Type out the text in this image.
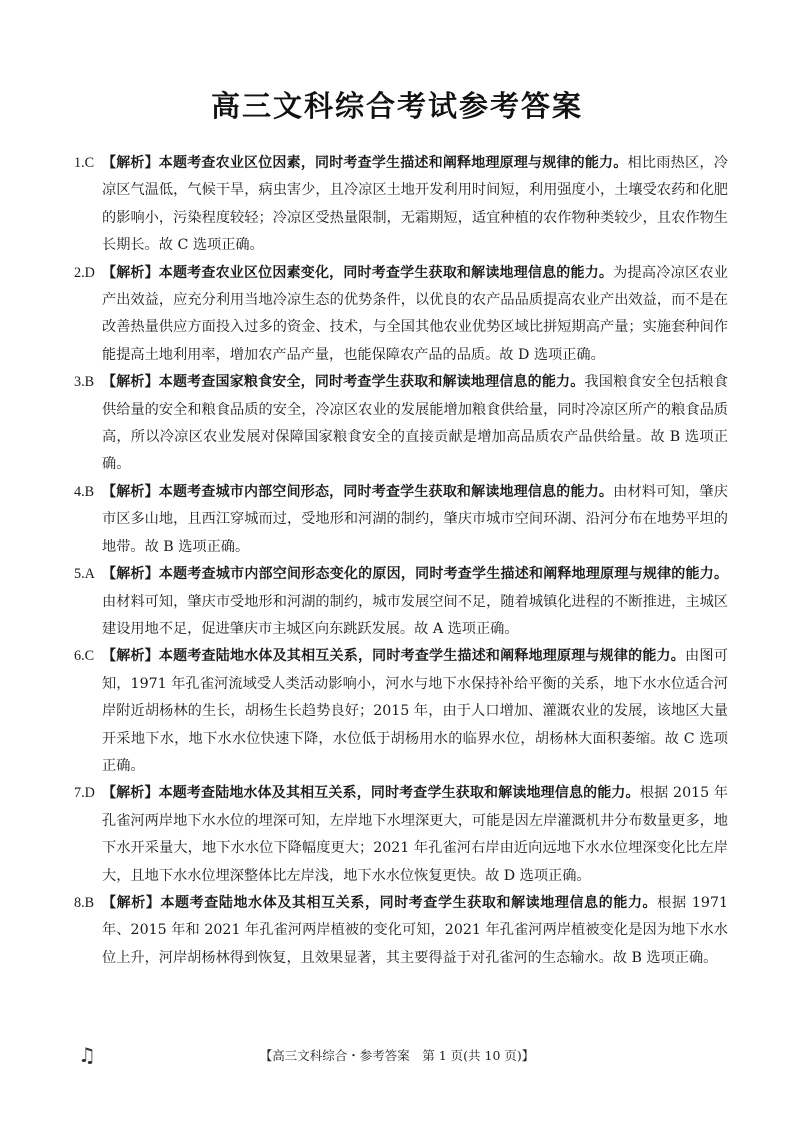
高三文科综合考试参考答案

1.C 【解析】本题考查农业区位因素，同时考查学生描述和阐释地理原理与规律的能力。相比雨热区，冷凉区气温低，气候干旱，病虫害少，且冷凉区土地开发利用时间短，利用强度小，土壤受农药和化肥的影响小，污染程度较轻；冷凉区受热量限制，无霜期短，适宜种植的农作物种类较少，且农作物生长期长。故 C 选项正确。

2.D 【解析】本题考查农业区位因素变化，同时考查学生获取和解读地理信息的能力。为提高冷凉区农业产出效益，应充分利用当地冷凉生态的优势条件，以优良的农产品品质提高农业产出效益，而不是在改善热量供应方面投入过多的资金、技术，与全国其他农业优势区域比拼短期高产量；实施套种间作能提高土地利用率，增加农产品产量，也能保障农产品的品质。故 D 选项正确。

3.B 【解析】本题考查国家粮食安全，同时考查学生获取和解读地理信息的能力。我国粮食安全包括粮食供给量的安全和粮食品质的安全，冷凉区农业的发展能增加粮食供给量，同时冷凉区所产的粮食品质高，所以冷凉区农业发展对保障国家粮食安全的直接贡献是增加高品质农产品供给量。故 B 选项正确。

4.B 【解析】本题考查城市内部空间形态，同时考查学生获取和解读地理信息的能力。由材料可知，肇庆市区多山地，且西江穿城而过，受地形和河湖的制约，肇庆市城市空间环湖、沿河分布在地势平坦的地带。故 B 选项正确。

5.A 【解析】本题考查城市内部空间形态变化的原因，同时考查学生描述和阐释地理原理与规律的能力。由材料可知，肇庆市受地形和河湖的制约，城市发展空间不足，随着城镇化进程的不断推进，主城区建设用地不足，促进肇庆市主城区向东跳跃发展。故 A 选项正确。

6.C 【解析】本题考查陆地水体及其相互关系，同时考查学生描述和阐释地理原理与规律的能力。由图可知，1971 年孔雀河流域受人类活动影响小，河水与地下水保持补给平衡的关系，地下水水位适合河岸附近胡杨林的生长，胡杨生长趋势良好；2015 年，由于人口增加、灌溉农业的发展，该地区大量开采地下水，地下水水位快速下降，水位低于胡杨用水的临界水位，胡杨林大面积萎缩。故 C 选项正确。

7.D 【解析】本题考查陆地水体及其相互关系，同时考查学生获取和解读地理信息的能力。根据 2015 年孔雀河两岸地下水水位的埋深可知，左岸地下水埋深更大，可能是因左岸灌溉机井分布数量更多，地下水开采量大，地下水水位下降幅度更大；2021 年孔雀河右岸由近向远地下水水位埋深变化比左岸大，且地下水水位埋深整体比左岸浅，地下水水位恢复更快。故 D 选项正确。

8.B 【解析】本题考查陆地水体及其相互关系，同时考查学生获取和解读地理信息的能力。根据 1971 年、2015 年和 2021 年孔雀河两岸植被的变化可知，2021 年孔雀河两岸植被变化是因为地下水水位上升，河岸胡杨林得到恢复，且效果显著，其主要得益于对孔雀河的生态输水。故 B 选项正确。

♫	【高三文科综合・参考答案　第 1 页(共 10 页)】
